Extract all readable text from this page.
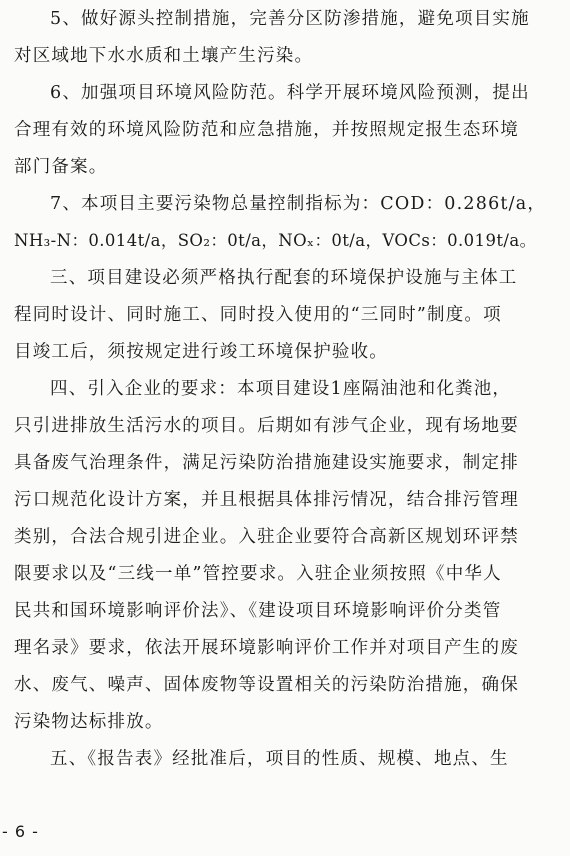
5、做好源头控制措施，完善分区防渗措施，避免项目实施
对区域地下水水质和土壤产生污染。
6、加强项目环境风险防范。科学开展环境风险预测，提出
合理有效的环境风险防范和应急措施，并按照规定报生态环境
部门备案。
7、本项目主要污染物总量控制指标为：COD：0.286t/a，
NH₃-N：0.014t/a，SO₂：0t/a，NOₓ：0t/a，VOCs：0.019t/a。
三、项目建设必须严格执行配套的环境保护设施与主体工
程同时设计、同时施工、同时投入使用的“三同时”制度。项
目竣工后，须按规定进行竣工环境保护验收。
四、引入企业的要求：本项目建设1座隔油池和化粪池，
只引进排放生活污水的项目。后期如有涉气企业，现有场地要
具备废气治理条件，满足污染防治措施建设实施要求，制定排
污口规范化设计方案，并且根据具体排污情况，结合排污管理
类别，合法合规引进企业。入驻企业要符合高新区规划环评禁
限要求以及“三线一单”管控要求。入驻企业须按照《中华人
民共和国环境影响评价法》、《建设项目环境影响评价分类管
理名录》要求，依法开展环境影响评价工作并对项目产生的废
水、废气、噪声、固体废物等设置相关的污染防治措施，确保
污染物达标排放。
五、《报告表》经批准后，项目的性质、规模、地点、生
- 6 -
